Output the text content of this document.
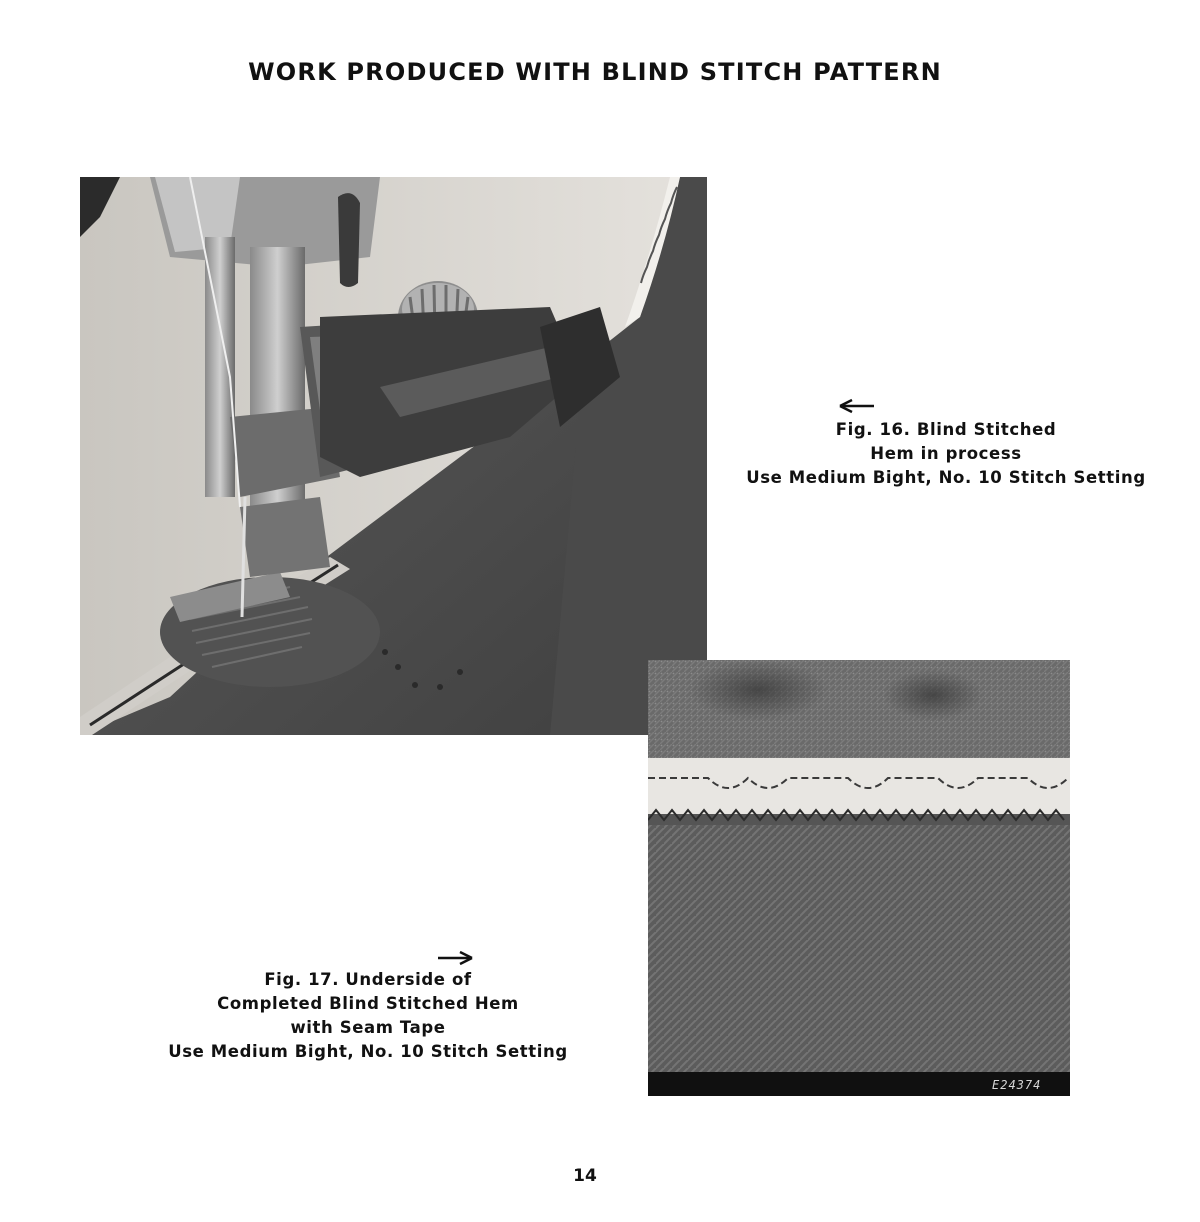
WORK PRODUCED WITH BLIND STITCH PATTERN
Fig. 16. Blind Stitched
Hem in process
Use Medium Bight, No. 10 Stitch Setting
E24374
Fig. 17. Underside of
Completed Blind Stitched Hem
with Seam Tape
Use Medium Bight, No. 10 Stitch Setting
14
